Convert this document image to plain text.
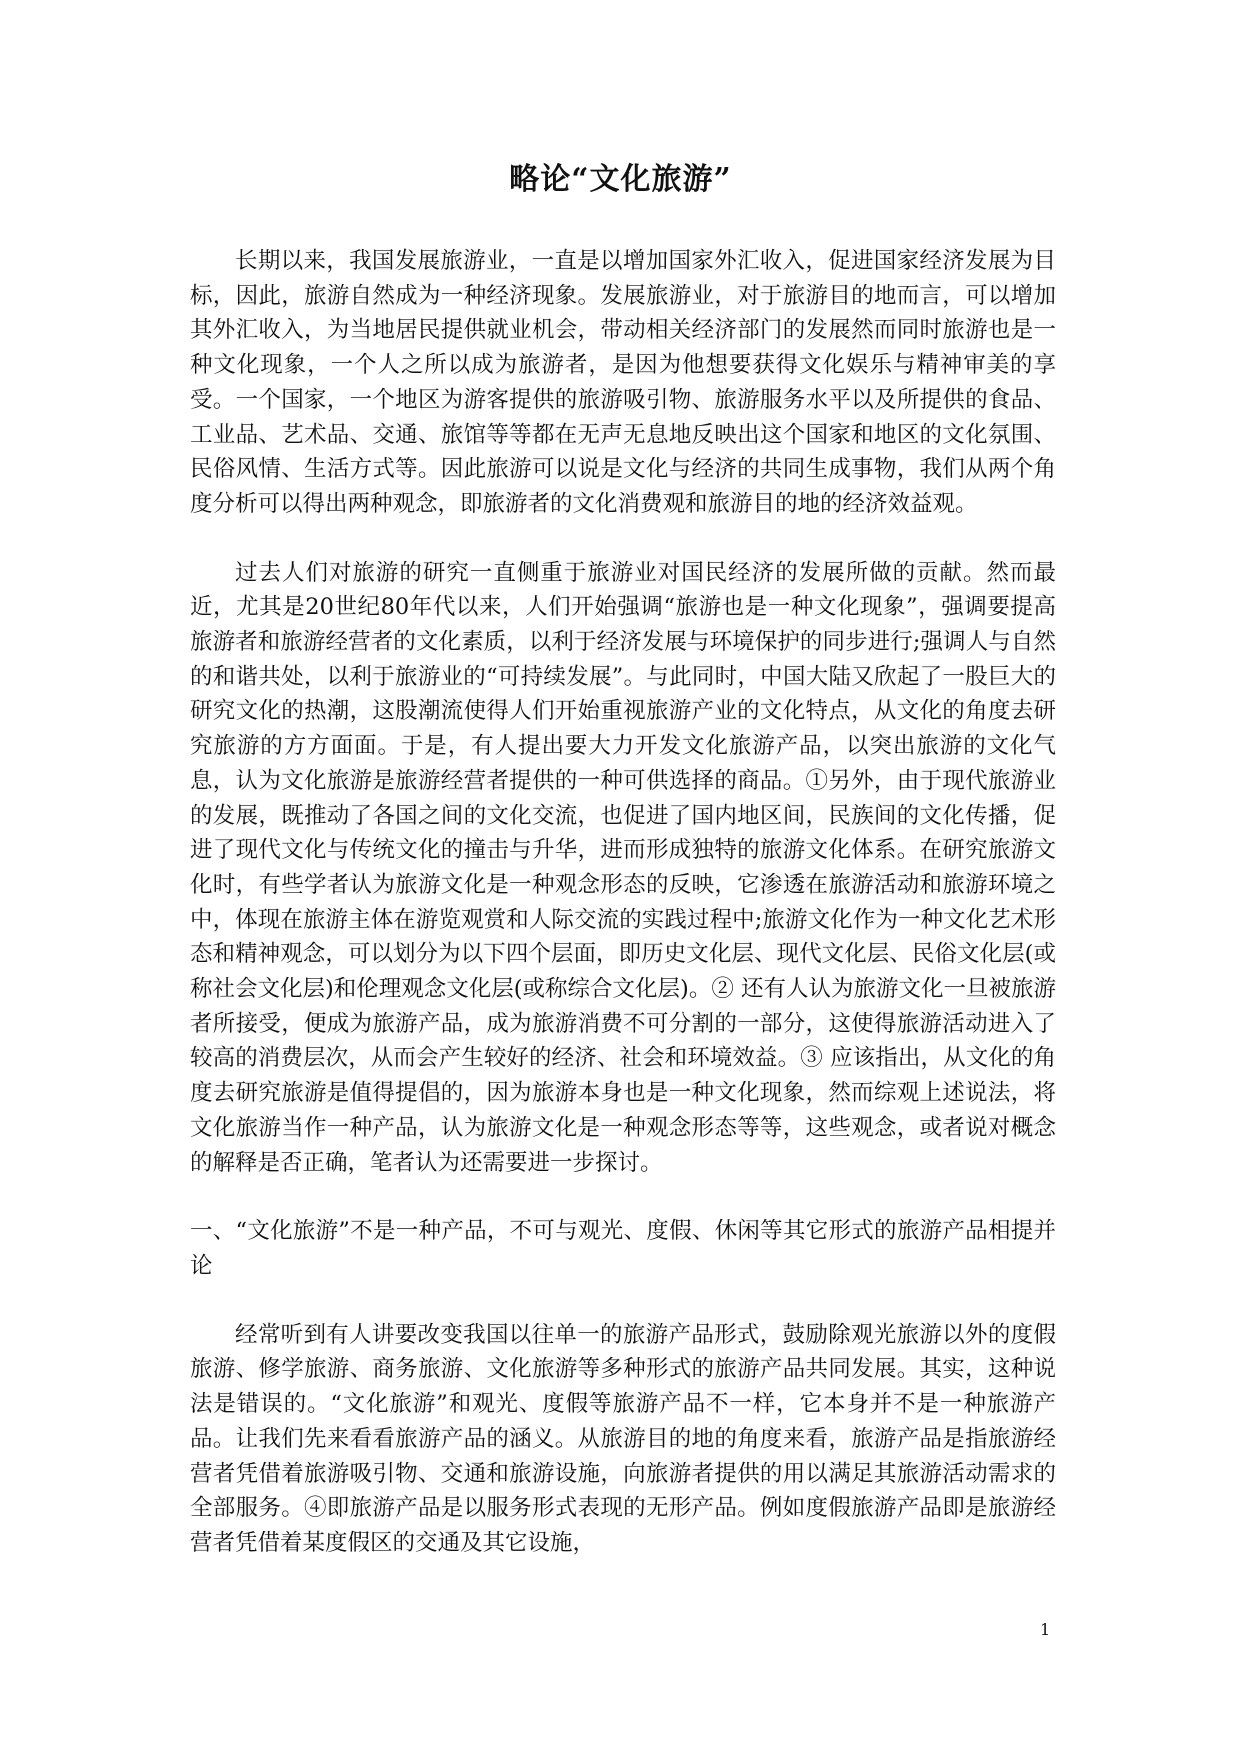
略论“文化旅游”

长期以来，我国发展旅游业，一直是以增加国家外汇收入，促进国家经济发展为目标，因此，旅游自然成为一种经济现象。发展旅游业，对于旅游目的地而言，可以增加其外汇收入，为当地居民提供就业机会，带动相关经济部门的发展然而同时旅游也是一种文化现象，一个人之所以成为旅游者，是因为他想要获得文化娱乐与精神审美的享受。一个国家，一个地区为游客提供的旅游吸引物、旅游服务水平以及所提供的食品、工业品、艺术品、交通、旅馆等等都在无声无息地反映出这个国家和地区的文化氛围、民俗风情、生活方式等。因此旅游可以说是文化与经济的共同生成事物，我们从两个角度分析可以得出两种观念，即旅游者的文化消费观和旅游目的地的经济效益观。

过去人们对旅游的研究一直侧重于旅游业对国民经济的发展所做的贡献。然而最近，尤其是20世纪80年代以来，人们开始强调“旅游也是一种文化现象”，强调要提高旅游者和旅游经营者的文化素质，以利于经济发展与环境保护的同步进行;强调人与自然的和谐共处，以利于旅游业的“可持续发展”。与此同时，中国大陆又欣起了一股巨大的研究文化的热潮，这股潮流使得人们开始重视旅游产业的文化特点，从文化的角度去研究旅游的方方面面。于是，有人提出要大力开发文化旅游产品，以突出旅游的文化气息，认为文化旅游是旅游经营者提供的一种可供选择的商品。①另外，由于现代旅游业的发展，既推动了各国之间的文化交流，也促进了国内地区间，民族间的文化传播，促进了现代文化与传统文化的撞击与升华，进而形成独特的旅游文化体系。在研究旅游文化时，有些学者认为旅游文化是一种观念形态的反映，它渗透在旅游活动和旅游环境之中，体现在旅游主体在游览观赏和人际交流的实践过程中;旅游文化作为一种文化艺术形态和精神观念，可以划分为以下四个层面，即历史文化层、现代文化层、民俗文化层(或称社会文化层)和伦理观念文化层(或称综合文化层)。② 还有人认为旅游文化一旦被旅游者所接受，便成为旅游产品，成为旅游消费不可分割的一部分，这使得旅游活动进入了较高的消费层次，从而会产生较好的经济、社会和环境效益。③ 应该指出，从文化的角度去研究旅游是值得提倡的，因为旅游本身也是一种文化现象，然而综观上述说法，将文化旅游当作一种产品，认为旅游文化是一种观念形态等等，这些观念，或者说对概念的解释是否正确，笔者认为还需要进一步探讨。

一、“文化旅游”不是一种产品，不可与观光、度假、休闲等其它形式的旅游产品相提并论

经常听到有人讲要改变我国以往单一的旅游产品形式，鼓励除观光旅游以外的度假旅游、修学旅游、商务旅游、文化旅游等多种形式的旅游产品共同发展。其实，这种说法是错误的。“文化旅游”和观光、度假等旅游产品不一样，它本身并不是一种旅游产品。让我们先来看看旅游产品的涵义。从旅游目的地的角度来看，旅游产品是指旅游经营者凭借着旅游吸引物、交通和旅游设施，向旅游者提供的用以满足其旅游活动需求的全部服务。④即旅游产品是以服务形式表现的无形产品。例如度假旅游产品即是旅游经营者凭借着某度假区的交通及其它设施，

1
